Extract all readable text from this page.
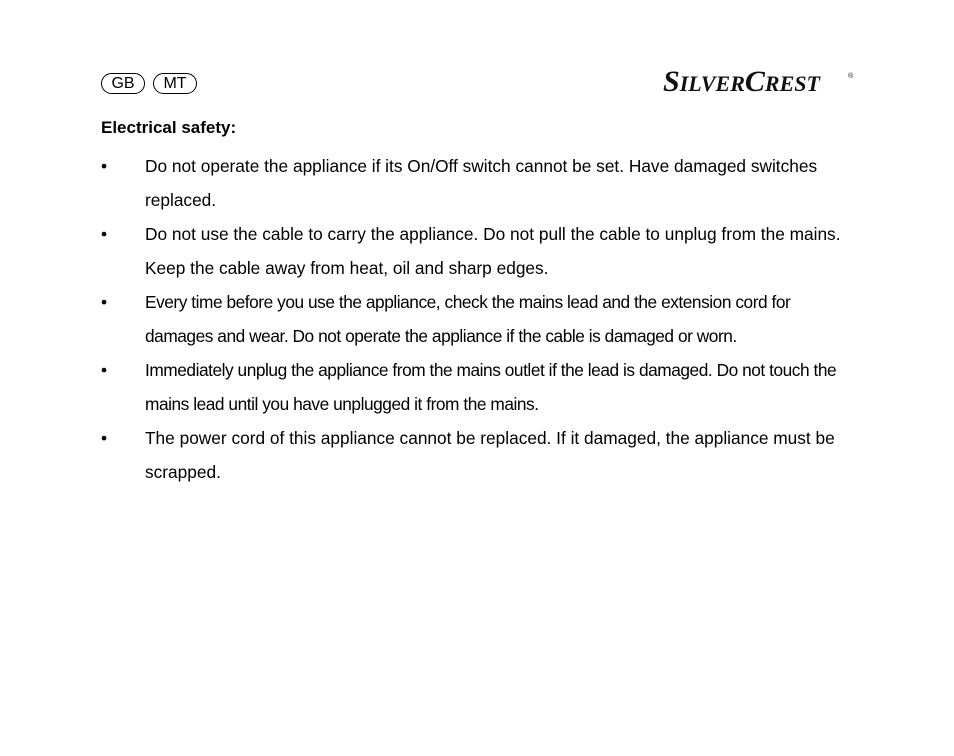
GB	MT	SILVERCREST	®
Electrical safety:
•	Do not operate the appliance if its On/Off switch cannot be set. Have damaged switches replaced.
•	Do not use the cable to carry the appliance. Do not pull the cable to unplug from the mains. Keep the cable away from heat, oil and sharp edges.
•	Every time before you use the appliance, check the mains lead and the extension cord for damages and wear. Do not operate the appliance if the cable is damaged or worn.
•	Immediately unplug the appliance from the mains outlet if the lead is damaged. Do not touch the mains lead until you have unplugged it from the mains.
•	The power cord of this appliance cannot be replaced. If it damaged, the appliance must be scrapped.
